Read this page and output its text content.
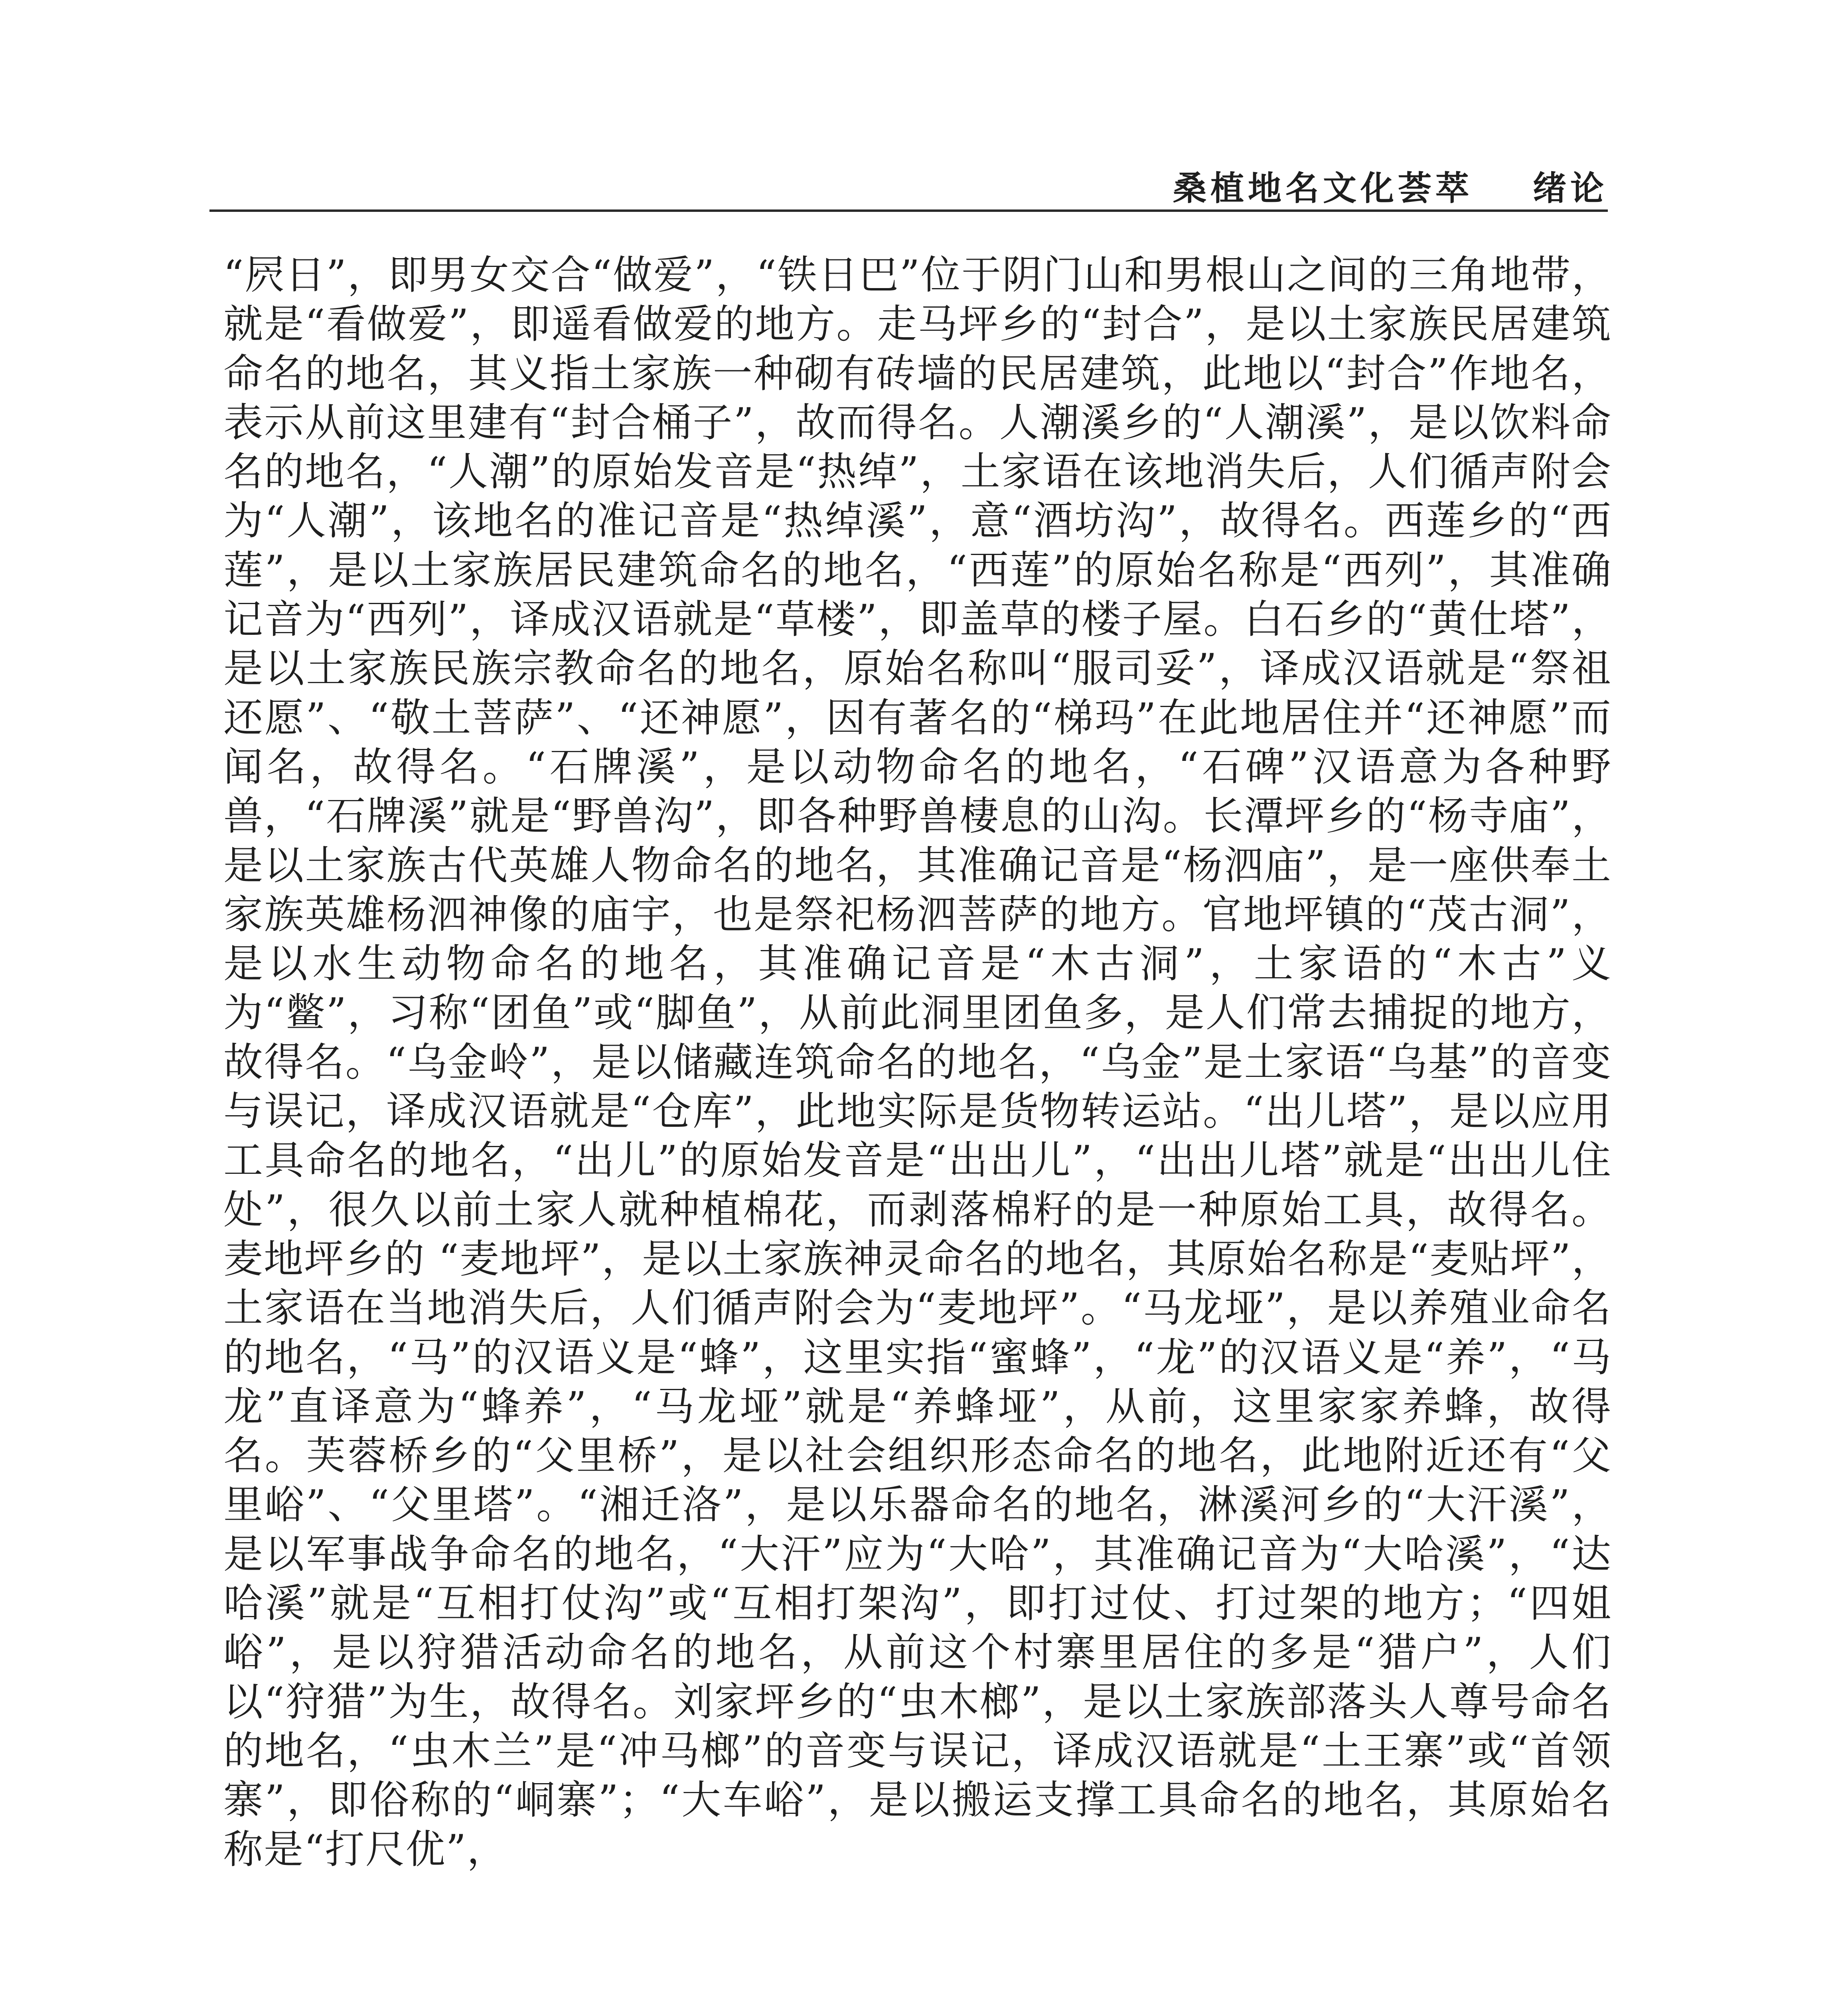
桑植地名文化荟萃 绪论

“屄日”，即男女交合“做爱”，“铁日巴”位于阴门山和男根山之间的三角地带，就是“看做爱”，即遥看做爱的地方。走马坪乡的“封合”，是以土家族民居建筑命名的地名，其义指土家族一种砌有砖墙的民居建筑，此地以“封合”作地名，表示从前这里建有“封合桶子”，故而得名。人潮溪乡的“人潮溪”，是以饮料命名的地名，“人潮”的原始发音是“热绰”，土家语在该地消失后，人们循声附会为“人潮”，该地名的准记音是“热绰溪”，意“酒坊沟”，故得名。西莲乡的“西莲”，是以土家族居民建筑命名的地名，“西莲”的原始名称是“西列”，其准确记音为“西列”，译成汉语就是“草楼”，即盖草的楼子屋。白石乡的“黄仕塔”，是以土家族民族宗教命名的地名，原始名称叫“服司妥”，译成汉语就是“祭祖还愿”、“敬土菩萨”、“还神愿”，因有著名的“梯玛”在此地居住并“还神愿”而闻名，故得名。“石牌溪”，是以动物命名的地名，“石碑”汉语意为各种野兽，“石牌溪”就是“野兽沟”，即各种野兽棲息的山沟。长潭坪乡的“杨寺庙”，是以土家族古代英雄人物命名的地名，其准确记音是“杨泗庙”，是一座供奉土家族英雄杨泗神像的庙宇，也是祭祀杨泗菩萨的地方。官地坪镇的“茂古洞”，是以水生动物命名的地名，其准确记音是“木古洞”，土家语的“木古”义为“鳖”，习称“团鱼”或“脚鱼”，从前此洞里团鱼多，是人们常去捕捉的地方，故得名。“乌金岭”，是以储藏连筑命名的地名，“乌金”是土家语“乌基”的音变与误记，译成汉语就是“仓库”，此地实际是货物转运站。“出儿塔”，是以应用工具命名的地名，“出儿”的原始发音是“出出儿”，“出出儿塔”就是“出出儿住处”，很久以前土家人就种植棉花，而剥落棉籽的是一种原始工具，故得名。麦地坪乡的 “麦地坪”，是以土家族神灵命名的地名，其原始名称是“麦贴坪”，土家语在当地消失后，人们循声附会为“麦地坪”。“马龙垭”，是以养殖业命名的地名，“马”的汉语义是“蜂”，这里实指“蜜蜂”，“龙”的汉语义是“养”，“马龙”直译意为“蜂养”，“马龙垭”就是“养蜂垭”，从前，这里家家养蜂，故得名。芙蓉桥乡的“父里桥”，是以社会组织形态命名的地名，此地附近还有“父里峪”、“父里塔”。“湘迁洛”，是以乐器命名的地名，淋溪河乡的“大汗溪”，是以军事战争命名的地名，“大汗”应为“大哈”，其准确记音为“大哈溪”，“达哈溪”就是“互相打仗沟”或“互相打架沟”，即打过仗、打过架的地方；“四姐峪”，是以狩猎活动命名的地名，从前这个村寨里居住的多是“猎户”，人们以“狩猎”为生，故得名。刘家坪乡的“虫木榔”，是以土家族部落头人尊号命名的地名，“虫木兰”是“冲马榔”的音变与误记，译成汉语就是“土王寨”或“首领寨”，即俗称的“峒寨”；“大车峪”，是以搬运支撑工具命名的地名，其原始名称是“打尺优”，
